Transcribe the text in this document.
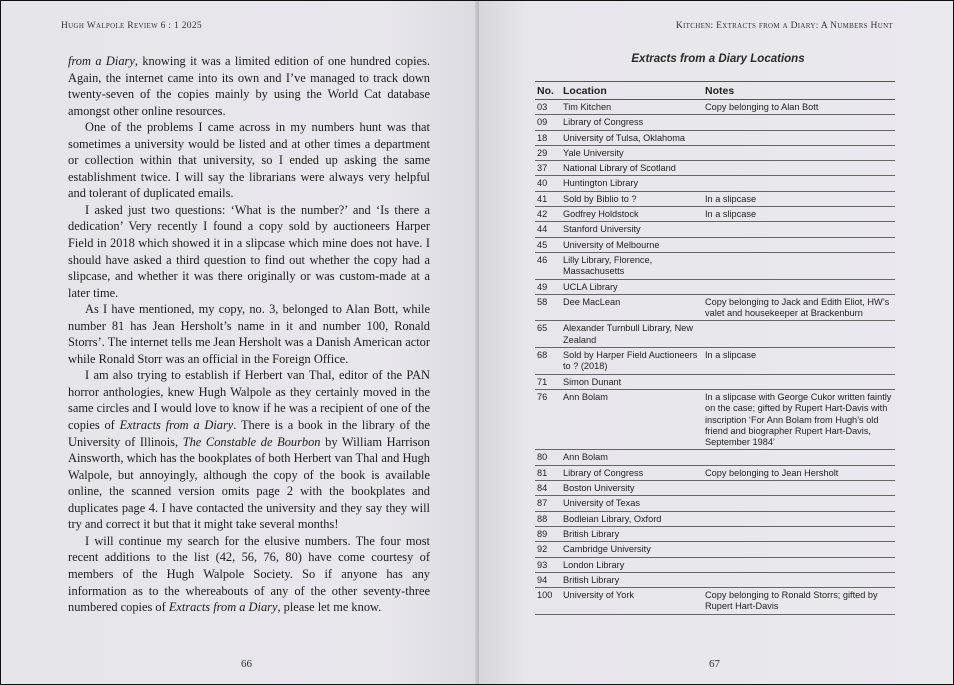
Hugh Walpole Review 6 : 1 2025

from a Diary, knowing it was a limited edition of one hundred copies. Again, the internet came into its own and I’ve managed to track down twenty-seven of the copies mainly by using the World Cat database amongst other online resources.

One of the problems I came across in my numbers hunt was that sometimes a university would be listed and at other times a department or collection within that university, so I ended up asking the same establishment twice. I will say the librarians were always very helpful and tolerant of duplicated emails.

I asked just two questions: ‘What is the number?’ and ‘Is there a dedication’ Very recently I found a copy sold by auctioneers Harper Field in 2018 which showed it in a slipcase which mine does not have. I should have asked a third question to find out whether the copy had a slipcase, and whether it was there originally or was custom-made at a later time.

As I have mentioned, my copy, no. 3, belonged to Alan Bott, while number 81 has Jean Hersholt’s name in it and number 100, Ronald Storrs’. The internet tells me Jean Hersholt was a Danish American actor while Ronald Storr was an official in the Foreign Office.

I am also trying to establish if Herbert van Thal, editor of the PAN horror anthologies, knew Hugh Walpole as they certainly moved in the same circles and I would love to know if he was a recipient of one of the copies of Extracts from a Diary. There is a book in the library of the University of Illinois, The Constable de Bourbon by William Harrison Ainsworth, which has the bookplates of both Herbert van Thal and Hugh Walpole, but annoyingly, although the copy of the book is available online, the scanned version omits page 2 with the bookplates and duplicates page 4. I have contacted the university and they say they will try and correct it but that it might take several months!

I will continue my search for the elusive numbers. The four most recent additions to the list (42, 56, 76, 80) have come courtesy of members of the Hugh Walpole Society. So if anyone has any information as to the whereabouts of any of the other seventy-three numbered copies of Extracts from a Diary, please let me know.

66
Kitchen: Extracts from a Diary: A Numbers Hunt
Extracts from a Diary Locations
No.	Location	Notes
03	Tim Kitchen	Copy belonging to Alan Bott
09	Library of Congress	
18	University of Tulsa, Oklahoma	
29	Yale University	
37	National Library of Scotland	
40	Huntington Library	
41	Sold by Biblio to ?	In a slipcase
42	Godfrey Holdstock	In a slipcase
44	Stanford University	
45	University of Melbourne	
46	Lilly Library, Florence, Massachusetts	
49	UCLA Library	
58	Dee MacLean	Copy belonging to Jack and Edith Eliot, HW’s valet and housekeeper at Brackenburn
65	Alexander Turnbull Library, New Zealand	
68	Sold by Harper Field Auctioneers to ? (2018)	In a slipcase
71	Simon Dunant	
76	Ann Bolam	In a slipcase with George Cukor written faintly on the case; gifted by Rupert Hart-Davis with inscription ‘For Ann Bolam from Hugh’s old friend and biographer Rupert Hart-Davis, September 1984’
80	Ann Bolam	
81	Library of Congress	Copy belonging to Jean Hersholt
84	Boston University	
87	University of Texas	
88	Bodleian Library, Oxford	
89	British Library	
92	Cambridge University	
93	London Library	
94	British Library	
100	University of York	Copy belonging to Ronald Storrs; gifted by Rupert Hart-Davis
67
